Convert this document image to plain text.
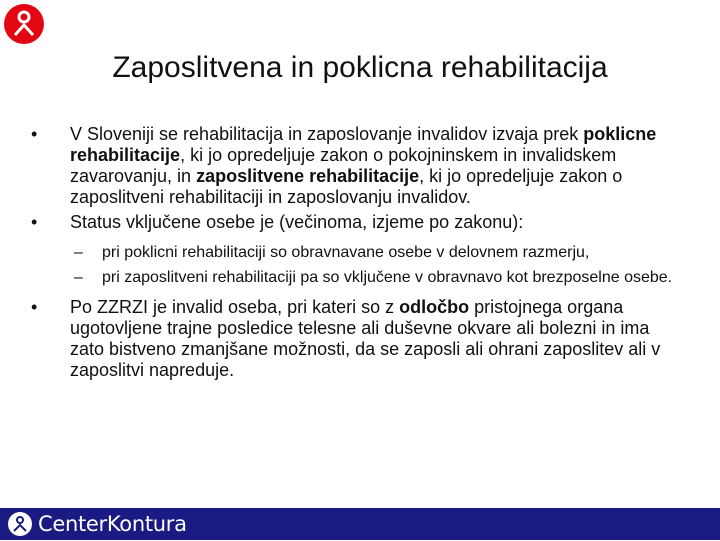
Zaposlitvena in poklicna rehabilitacija
• V Sloveniji se rehabilitacija in zaposlovanje invalidov izvaja prek poklicne rehabilitacije, ki jo opredeljuje zakon o pokojninskem in invalidskem zavarovanju, in zaposlitvene rehabilitacije, ki jo opredeljuje zakon o zaposlitveni rehabilitaciji in zaposlovanju invalidov.
• Status vključene osebe je (večinoma, izjeme po zakonu):
– pri poklicni rehabilitaciji so obravnavane osebe v delovnem razmerju,
– pri zaposlitveni rehabilitaciji pa so vključene v obravnavo kot brezposelne osebe.
• Po ZZRZI je invalid oseba, pri kateri so z odločbo pristojnega organa ugotovljene trajne posledice telesne ali duševne okvare ali bolezni in ima zato bistveno zmanjšane možnosti, da se zaposli ali ohrani zaposlitev ali v zaposlitvi napreduje.
CenterKontura
